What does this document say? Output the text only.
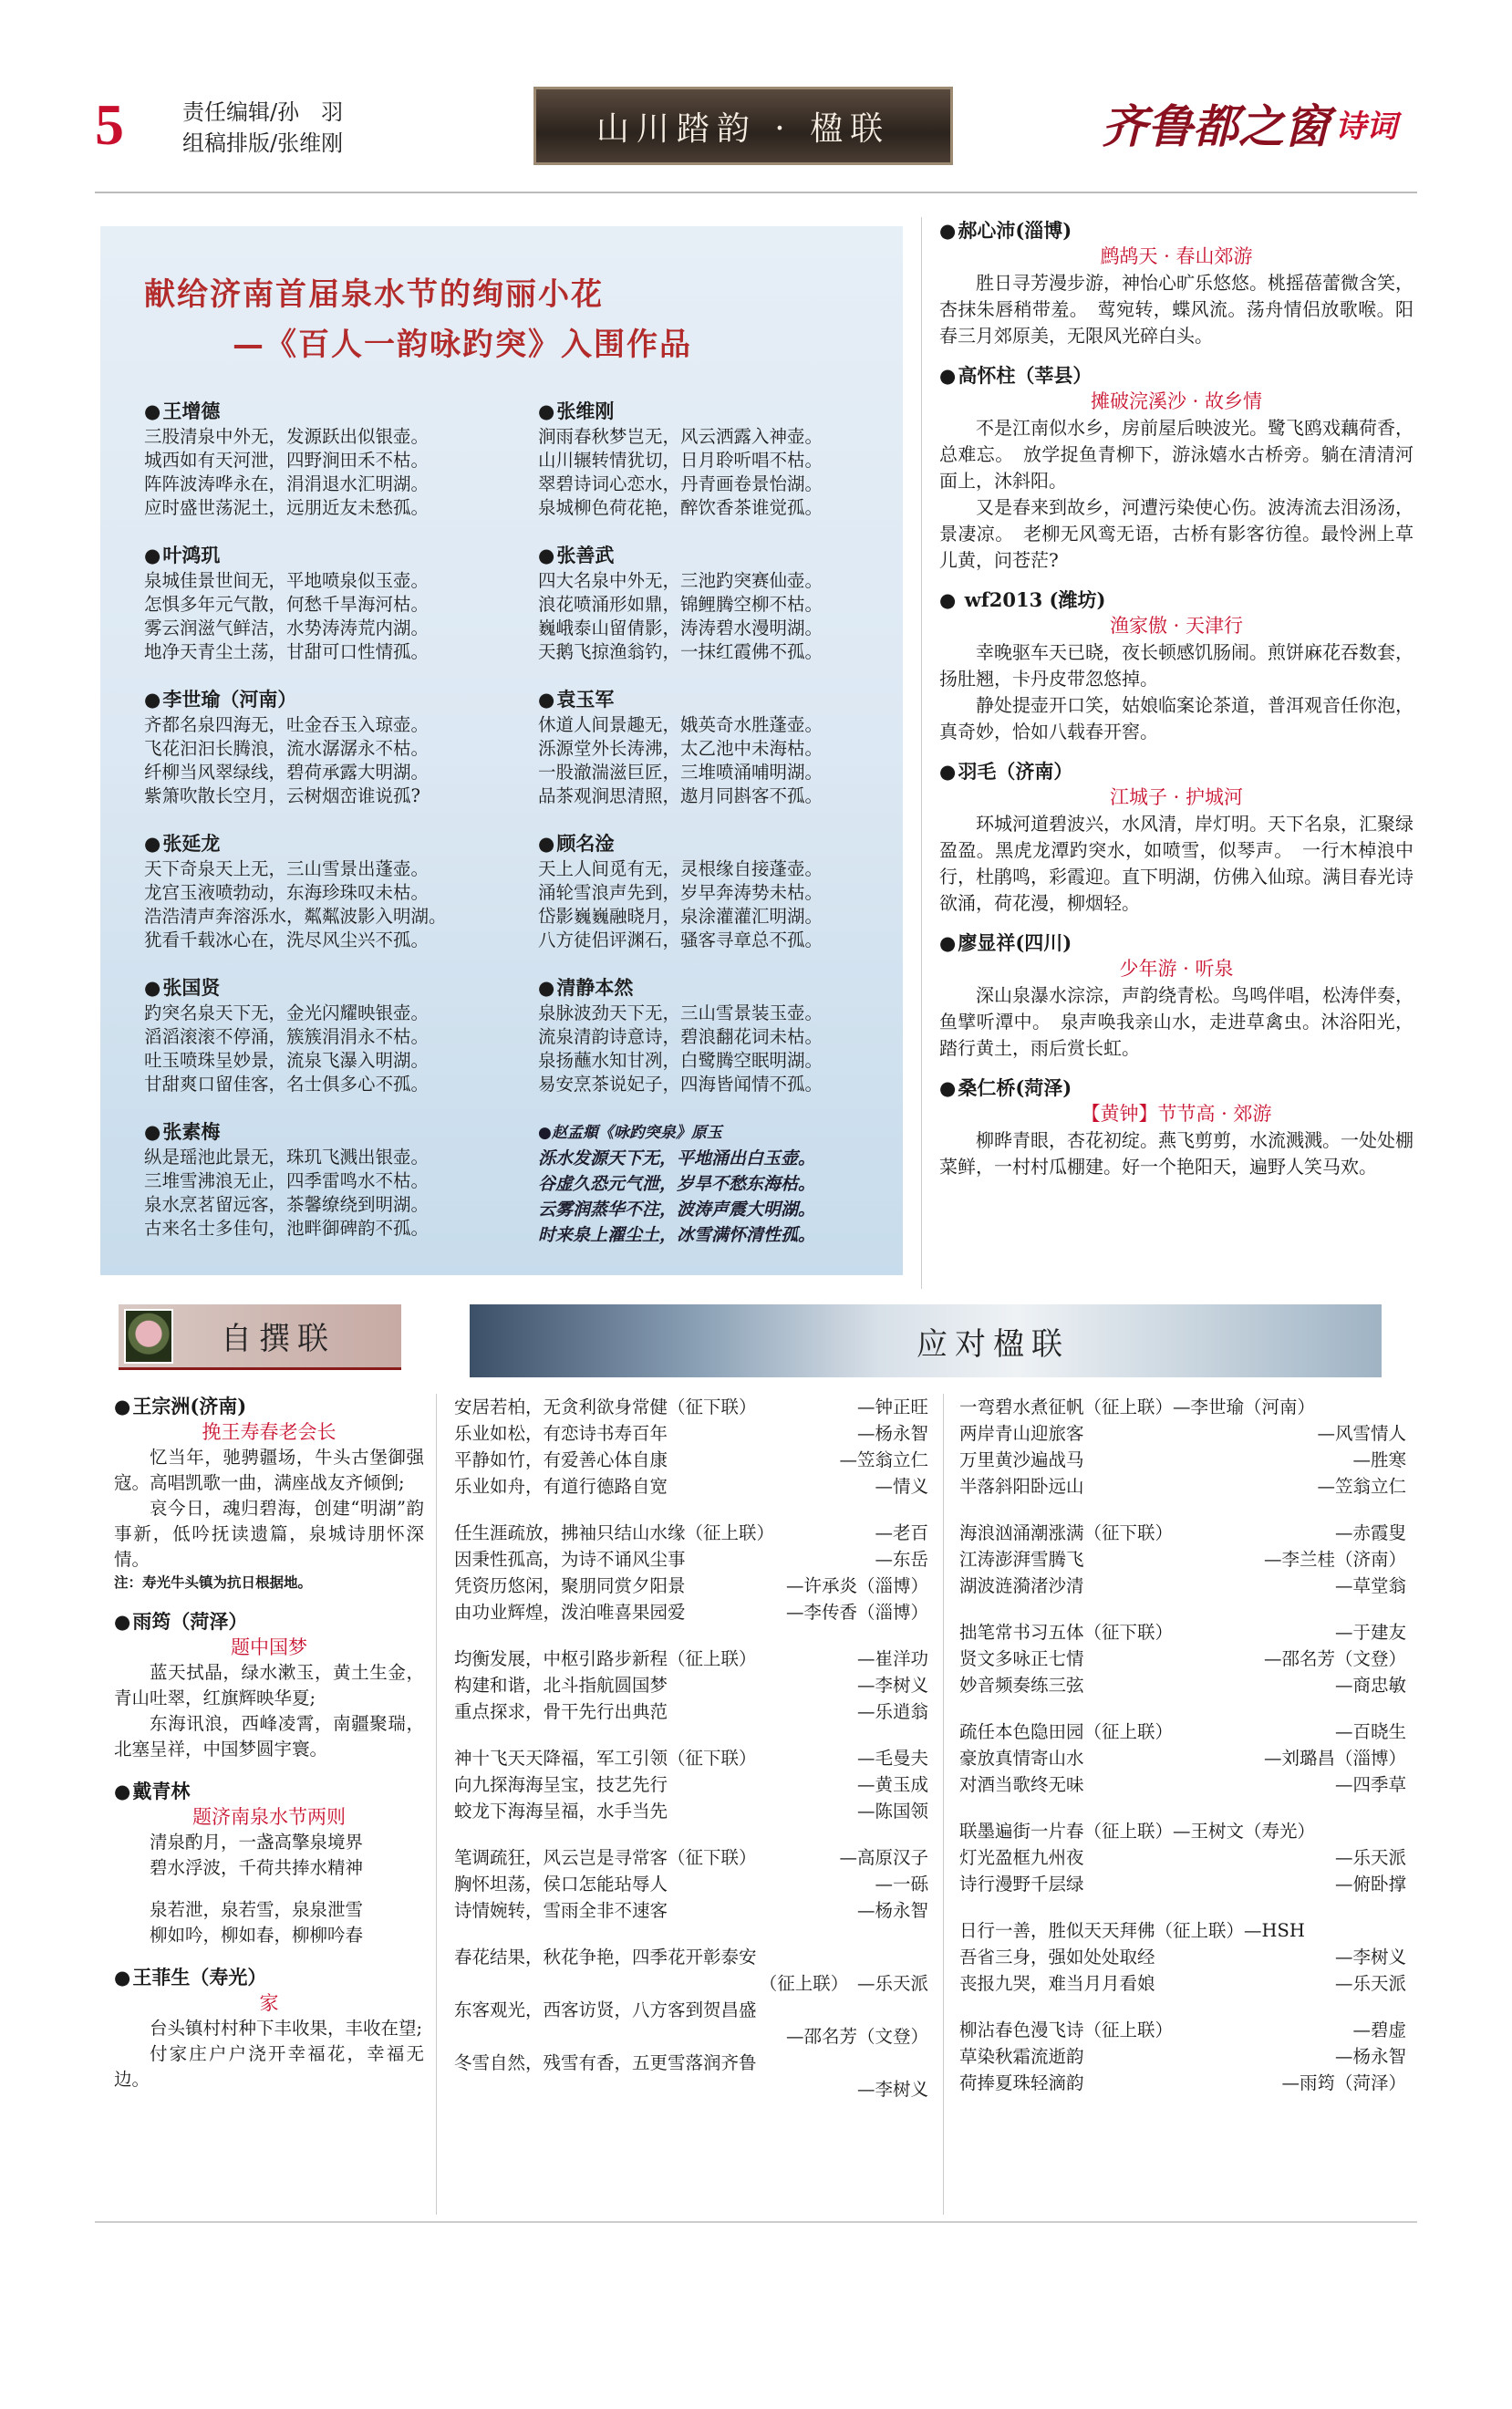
5	责任编辑/孙　羽
组稿排版/张维刚	山川踏韵 · 楹联	齐鲁都之窗 诗词
献给济南首届泉水节的绚丽小花
—《百人一韵咏趵突》入围作品
● 王增德
三股清泉中外无，发源跃出似银壶。
城西如有天河泄，四野涧田禾不枯。
阵阵波涛哗永在，涓涓退水汇明湖。
应时盛世荡泥土，远朋近友未愁孤。
● 叶鸿玑
泉城佳景世间无，平地喷泉似玉壶。
怎惧多年元气散，何愁千旱海河枯。
雾云润滋气鲜洁，水势涛涛荒内湖。
地净天青尘土荡，甘甜可口性情孤。
● 李世瑜（河南）
齐都名泉四海无，吐金吞玉入琼壶。
飞花汩汩长腾浪，流水潺潺永不枯。
纤柳当风翠绿线，碧荷承露大明湖。
紫箫吹散长空月，云树烟峦谁说孤?
● 张延龙
天下奇泉天上无，三山雪景出蓬壶。
龙宫玉液喷勃动，东海珍珠叹未枯。
浩浩清声奔溶泺水，粼粼波影入明湖。
犹看千载冰心在，洗尽风尘兴不孤。
● 张国贤
趵突名泉天下无，金光闪耀映银壶。
滔滔滚滚不停涌，簇簇涓涓永不枯。
吐玉喷珠呈妙景，流泉飞瀑入明湖。
甘甜爽口留佳客，名士俱多心不孤。
● 张素梅
纵是瑶池此景无，珠玑飞溅出银壶。
三堆雪沸浪无止，四季雷鸣水不枯。
泉水烹茗留远客，茶馨缭绕到明湖。
古来名士多佳句，池畔御碑韵不孤。
● 张维刚
涧雨春秋梦岂无，风云洒露入神壶。
山川辗转情犹切，日月聆听唱不枯。
翠碧诗词心恋水，丹青画卷景怡湖。
泉城柳色荷花艳，醉饮香茶谁觉孤。
● 张善武
四大名泉中外无，三池趵突赛仙壶。
浪花喷涌形如鼎，锦鲤腾空柳不枯。
巍峨泰山留倩影，涛涛碧水漫明湖。
天鹅飞掠渔翁钓，一抹红霞佛不孤。
● 袁玉军
休道人间景趣无，娥英奇水胜蓬壶。
泺源堂外长涛沸，太乙池中未海枯。
一股澈湍滋巨匠，三堆喷涌哺明湖。
品茶观涧思清照，遨月同斟客不孤。
● 顾名淦
天上人间觅有无，灵根缘自接蓬壶。
涌轮雪浪声先到，岁早奔涛势未枯。
岱影巍巍融晓月，泉涂灌灌汇明湖。
八方徒侣评渊石，骚客寻章总不孤。
● 清静本然
泉脉波劲天下无，三山雪景装玉壶。
流泉清韵诗意诗，碧浪翻花词未枯。
泉扬蘸水知甘冽，白鹭腾空眠明湖。
易安烹茶说妃子，四海皆闻情不孤。
●赵孟頫《咏趵突泉》原玉
泺水发源天下无，平地涌出白玉壶。
谷虚久恐元气泄，岁旱不愁东海枯。
云雾润蒸华不注，波涛声震大明湖。
时来泉上濯尘土，冰雪满怀清性孤。
● 郝心沛(淄博)
鹧鸪天 · 春山郊游
胜日寻芳漫步游，神怡心旷乐悠悠。桃摇蓓蕾微含笑，杏抹朱唇稍带羞。　莺宛转，蝶风流。荡舟情侣放歌喉。阳春三月郊原美，无限风光碎白头。
● 高怀柱（莘县）
摊破浣溪沙 · 故乡情
不是江南似水乡，房前屋后映波光。鹭飞鸥戏藕荷香，总难忘。　放学捉鱼青柳下，游泳嬉水古桥旁。躺在清清河面上，沐斜阳。
又是春来到故乡，河遭污染使心伤。波涛流去泪汤汤，景凄凉。　老柳无风鸾无语，古桥有影客彷徨。最怜洲上草儿黄，问苍茫?
● wf2013 (潍坊)
渔家傲 · 天津行
幸晚驱车天已晓，夜长顿感饥肠闹。煎饼麻花吞数套，扬肚翘，卡丹皮带忽悠掉。
静处提壶开口笑，姑娘临案论茶道，普洱观音任你泡，真奇妙，恰如八载春开窖。
● 羽毛（济南）
江城子 · 护城河
环城河道碧波兴，水风清，岸灯明。天下名泉，汇聚绿盈盈。黑虎龙潭趵突水，如喷雪，似琴声。　一行木棹浪中行，杜鹃鸣，彩霞迎。直下明湖，仿佛入仙琼。满目春光诗欲涌，荷花漫，柳烟轻。
● 廖显祥(四川)
少年游 · 听泉
深山泉瀑水淙淙，声韵绕青松。鸟鸣伴唱，松涛伴奏，鱼擘听潭中。　泉声唤我亲山水，走进草禽虫。沐浴阳光，踏行黄土，雨后赏长虹。
● 桑仁桥(菏泽)
【黄钟】节节高 · 郊游
柳晔青眼，杏花初绽。燕飞剪剪，水流溅溅。一处处棚菜鲜，一村村瓜棚建。好一个艳阳天，遍野人笑马欢。
自撰联	应对楹联
● 王宗洲(济南)
挽王寿春老会长
忆当年，驰骋疆场，牛头古堡御强寇。高唱凯歌一曲，满座战友齐倾倒;
哀今日，魂归碧海，创建“明湖”韵事新，低吟抚读遗篇，泉城诗朋怀深情。
注：寿光牛头镇为抗日根据地。
● 雨筠（菏泽）
题中国梦
蓝天拭晶，绿水漱玉，黄土生金，青山吐翠，红旗辉映华夏;
东海讯浪，西峰凌霄，南疆聚瑞，北塞呈祥，中国梦圆宇寰。
● 戴青林
题济南泉水节两则
清泉酌月，一盏高擎泉境界
碧水浮波，千荷共捧水精神
泉若泄，泉若雪，泉泉泄雪
柳如吟，柳如春，柳柳吟春
● 王菲生（寿光）
家
台头镇村村种下丰收果，丰收在望;
付家庄户户浇开幸福花，幸福无边。
安居若柏，无贪利欲身常健（征下联）	—钟正旺
乐业如松，有恋诗书寿百年	—杨永智
平静如竹，有爱善心体自康	—笠翁立仁
乐业如舟，有道行德路自宽	—情义
任生涯疏放，拂袖只结山水缘（征上联）	—老百
因秉性孤高，为诗不诵风尘事	—东岳
凭资历悠闲，聚朋同赏夕阳景	—许承炎（淄博）
由功业辉煌，泼泊唯喜果园爱	—李传香（淄博）
均衡发展，中枢引路步新程（征上联）	—崔洋功
构建和谐，北斗指航圆国梦	—李树义
重点探求，骨干先行出典范	—乐逍翁
神十飞天天降福，军工引领（征下联）	—毛曼夫
向九探海海呈宝，技艺先行	—黄玉成
蛟龙下海海呈福，水手当先	—陈国领
笔调疏狂，风云岂是寻常客（征下联）	—高原汉子
胸怀坦荡，侯口怎能玷辱人	—一砾
诗情婉转，雪雨全非不速客	—杨永智
春花结果，秋花争艳，四季花开彰泰安
（征上联）　—乐天派
东客观光，西客访贤，八方客到贺昌盛
—邵名芳（文登）
冬雪自然，残雪有香，五更雪落润齐鲁
—李树义
一弯碧水煮征帆（征上联）—李世瑜（河南）
两岸青山迎旅客	—风雪情人
万里黄沙遍战马	—胜寒
半落斜阳卧远山	—笠翁立仁
海浪汹涌潮涨满（征下联）	—赤霞叟
江涛澎湃雪腾飞	—李兰桂（济南）
湖波涟漪渚沙清	—草堂翁
拙笔常书习五体（征下联）	—于建友
贤文多咏正七情	—邵名芳（文登）
妙音频奏练三弦	—商忠敏
疏任本色隐田园（征上联）	—百晓生
豪放真情寄山水	—刘璐昌（淄博）
对酒当歌终无味	—四季草
联墨遍街一片春（征上联）—王树文（寿光）
灯光盈框九州夜	—乐天派
诗行漫野千层绿	—俯卧撑
日行一善，胜似天天拜佛（征上联）—HSH
吾省三身，强如处处取经	—李树义
丧报九哭，难当月月看娘	—乐天派
柳沾春色漫飞诗（征上联）	—碧虚
草染秋霜流逝韵	—杨永智
荷捧夏珠轻滴韵	—雨筠（菏泽）
